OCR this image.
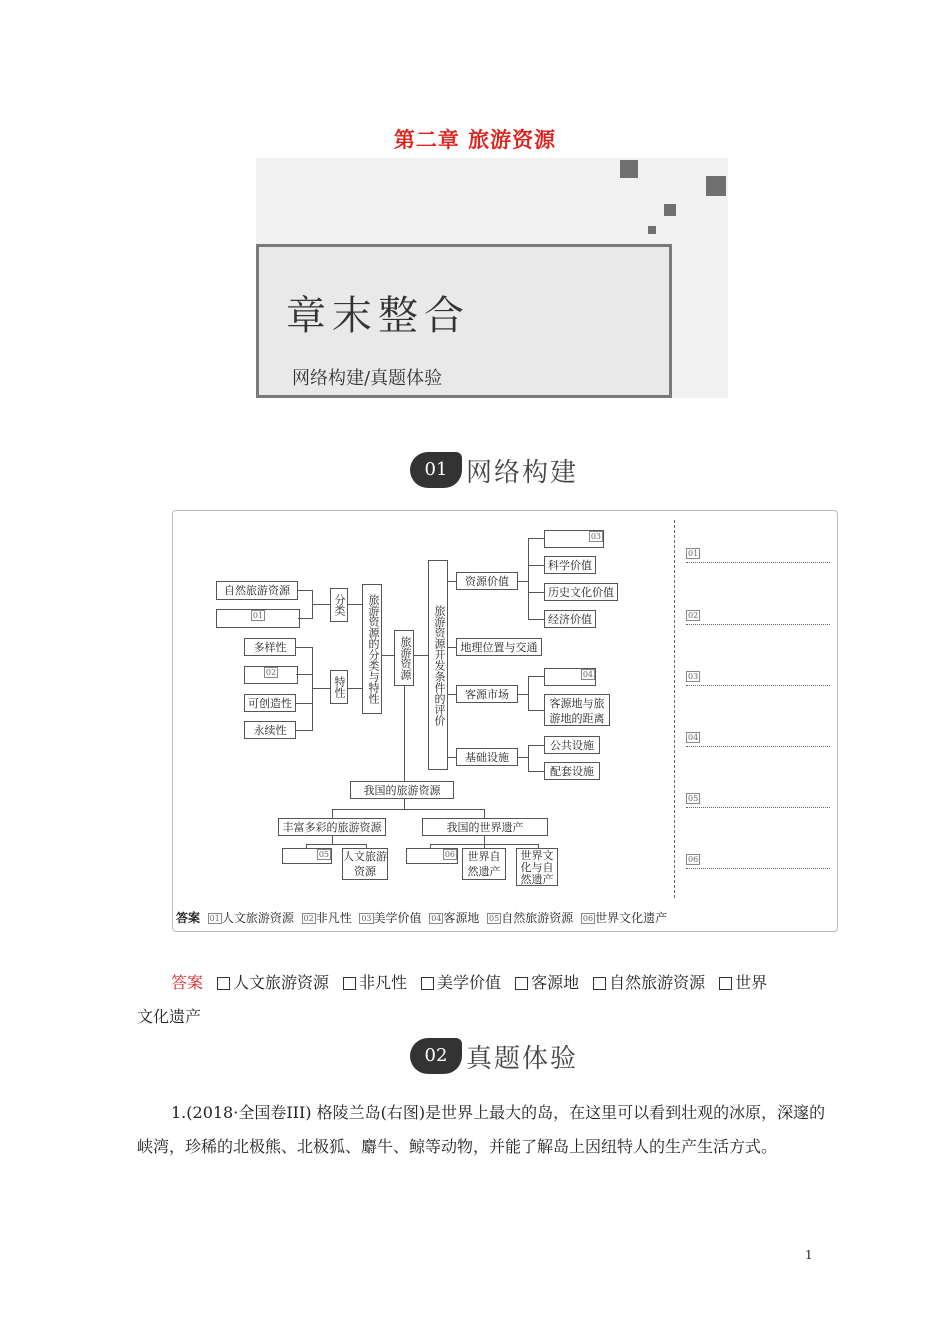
第二章 旅游资源
章末整合
网络构建/真题体验
01 网络构建
自然旅游资源
01	分类
多样性
02
可创造性
永续性
特性	旅游资源的分类与特性	旅游资源	旅游资源开发条件的评价
资源价值
地理位置与交通
客源市场
基础设施
03
科学价值
历史文化价值
经济价值
04
客源地与旅游地的距离
公共设施
配套设施
我国的旅游资源
丰富多彩的旅游资源	我国的世界遗产
05 人文旅游资源
06	世界自然遗产
世界文化与自然遗产
01
02
03
04
05
06
答案 01 人文旅游资源 02 非凡性 03 美学价值 04 客源地 05 自然旅游资源 06 世界文化遗产
答案 人文旅游资源 非凡性 美学价值 客源地 自然旅游资源 世界
文化遗产
02 真题体验
1.(2018·全国卷III) 格陵兰岛(右图)是世界上最大的岛，在这里可以看到壮观的冰原，深邃的峡湾，珍稀的北极熊、北极狐、麝牛、鲸等动物，并能了解岛上因纽特人的生产生活方式。
1
